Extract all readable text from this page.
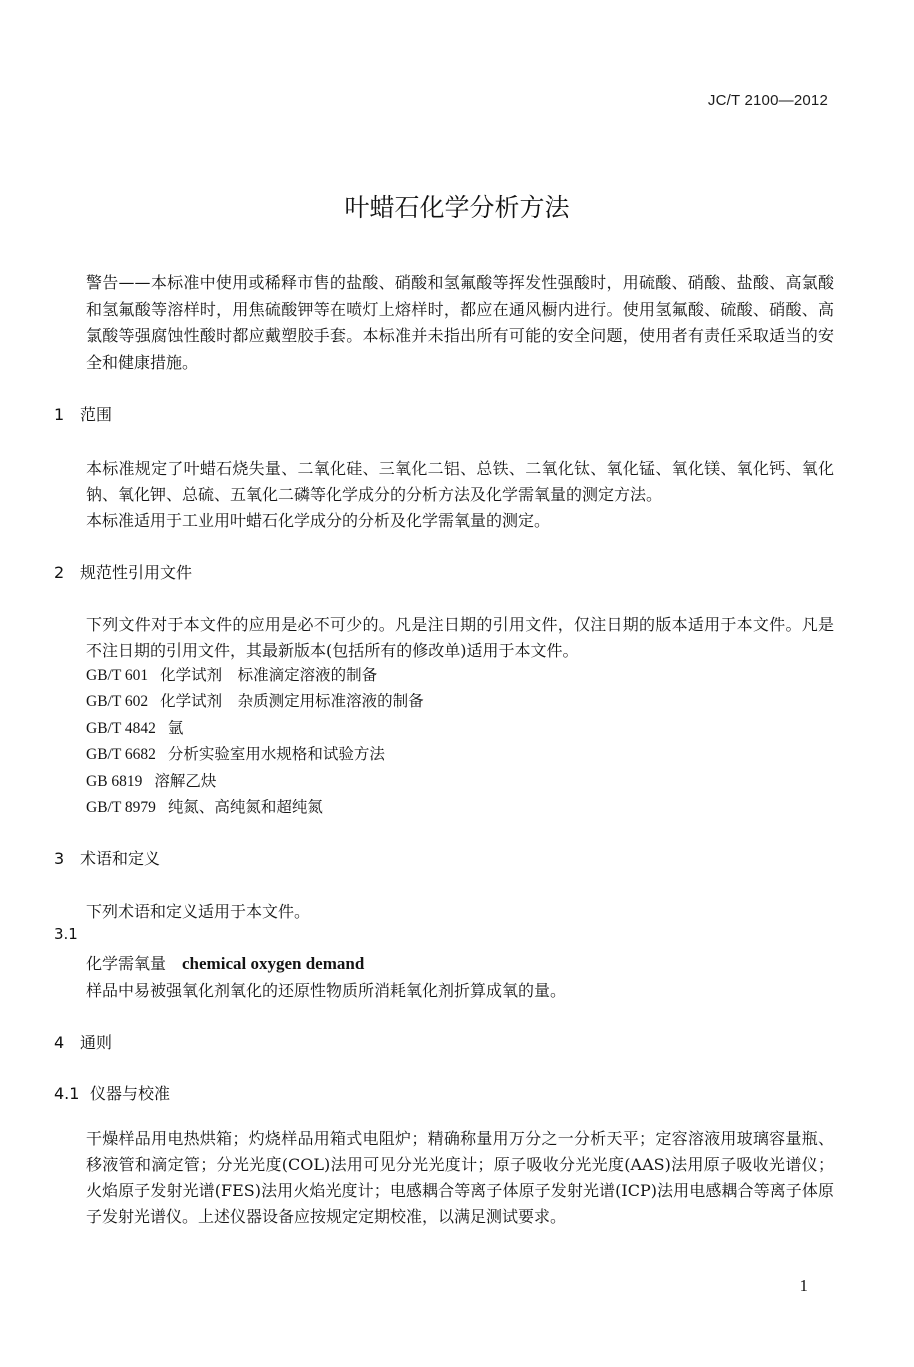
JC/T 2100—2012
叶蜡石化学分析方法
警告——本标准中使用或稀释市售的盐酸、硝酸和氢氟酸等挥发性强酸时，用硫酸、硝酸、盐酸、高氯酸和氢氟酸等溶样时，用焦硫酸钾等在喷灯上熔样时，都应在通风橱内进行。使用氢氟酸、硫酸、硝酸、高氯酸等强腐蚀性酸时都应戴塑胶手套。本标准并未指出所有可能的安全问题，使用者有责任采取适当的安全和健康措施。
1 范围
本标准规定了叶蜡石烧失量、二氧化硅、三氧化二铝、总铁、二氧化钛、氧化锰、氧化镁、氧化钙、氧化钠、氧化钾、总硫、五氧化二磷等化学成分的分析方法及化学需氧量的测定方法。
本标准适用于工业用叶蜡石化学成分的分析及化学需氧量的测定。
2 规范性引用文件
下列文件对于本文件的应用是必不可少的。凡是注日期的引用文件，仅注日期的版本适用于本文件。凡是不注日期的引用文件，其最新版本(包括所有的修改单)适用于本文件。
GB/T 601 化学试剂　标准滴定溶液的制备
GB/T 602 化学试剂　杂质测定用标准溶液的制备
GB/T 4842 氩
GB/T 6682 分析实验室用水规格和试验方法
GB 6819 溶解乙炔
GB/T 8979 纯氮、高纯氮和超纯氮
3 术语和定义
下列术语和定义适用于本文件。
3.1
化学需氧量 chemical oxygen demand
样品中易被强氧化剂氧化的还原性物质所消耗氧化剂折算成氧的量。
4 通则
4.1 仪器与校准
干燥样品用电热烘箱；灼烧样品用箱式电阻炉；精确称量用万分之一分析天平；定容溶液用玻璃容量瓶、移液管和滴定管；分光光度(COL)法用可见分光光度计；原子吸收分光光度(AAS)法用原子吸收光谱仪；火焰原子发射光谱(FES)法用火焰光度计；电感耦合等离子体原子发射光谱(ICP)法用电感耦合等离子体原子发射光谱仪。上述仪器设备应按规定定期校准，以满足测试要求。
1
